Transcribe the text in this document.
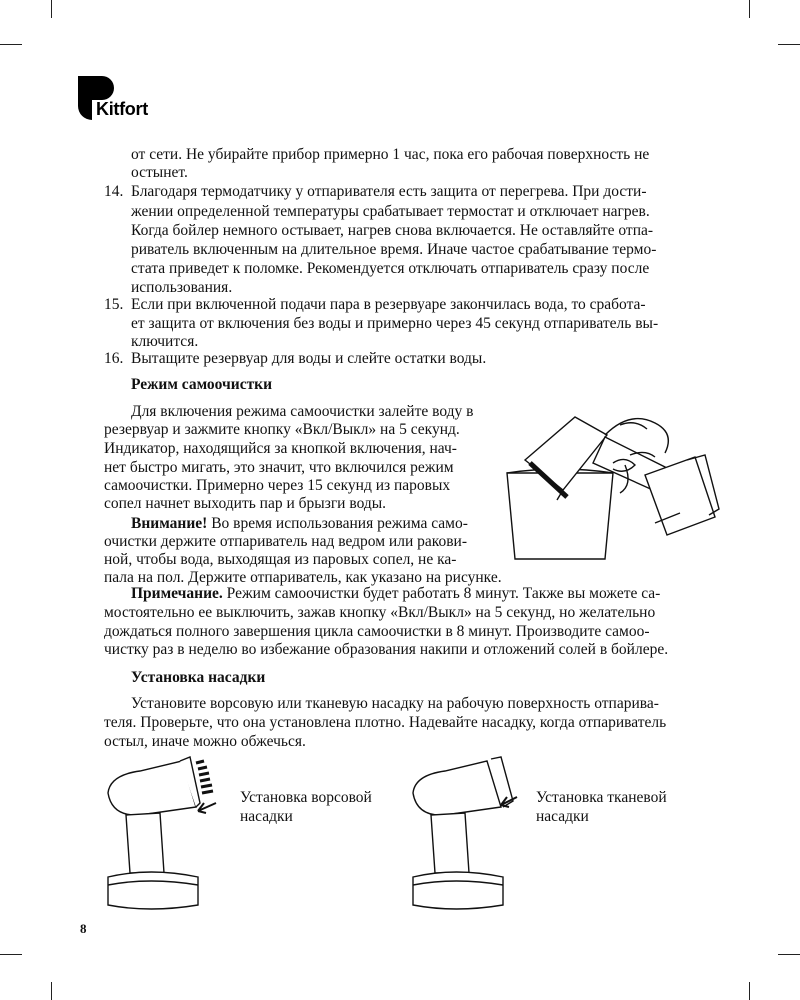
Kitfort
от сети. Не убирайте прибор примерно 1 час, пока его рабочая поверхность не
остынет.
14. Благодаря термодатчику у отпаривателя есть защита от перегрева. При дости-
жении определенной температуры срабатывает термостат и отключает нагрев.
Когда бойлер немного остывает, нагрев снова включается. Не оставляйте отпа-
риватель включенным на длительное время. Иначе частое срабатывание термо-
стата приведет к поломке. Рекомендуется отключать отпариватель сразу после
использования.
15. Если при включенной подачи пара в резервуаре закончилась вода, то сработа-
ет защита от включения без воды и примерно через 45 секунд отпариватель вы-
ключится.
16. Вытащите резервуар для воды и слейте остатки воды.
Режим самоочистки
Для включения режима самоочистки залейте воду в
резервуар и зажмите кнопку «Вкл/Выкл» на 5 секунд.
Индикатор, находящийся за кнопкой включения, нач-
нет быстро мигать, это значит, что включился режим
самоочистки. Примерно через 15 секунд из паровых
сопел начнет выходить пар и брызги воды.
Внимание! Во время использования режима само-
очистки держите отпариватель над ведром или ракови-
ной, чтобы вода, выходящая из паровых сопел, не ка-
пала на пол. Держите отпариватель, как указано на рисунке.
Примечание. Режим самоочистки будет работать 8 минут. Также вы можете са-
мостоятельно ее выключить, зажав кнопку «Вкл/Выкл» на 5 секунд, но желательно
дождаться полного завершения цикла самоочистки в 8 минут. Производите самоо-
чистку раз в неделю во избежание образования накипи и отложений солей в бойлере.
Установка насадки
Установите ворсовую или тканевую насадку на рабочую поверхность отпарива-
теля. Проверьте, что она установлена плотно. Надевайте насадку, когда отпариватель
остыл, иначе можно обжечься.
Установка ворсовой
насадки
Установка тканевой
насадки
8
